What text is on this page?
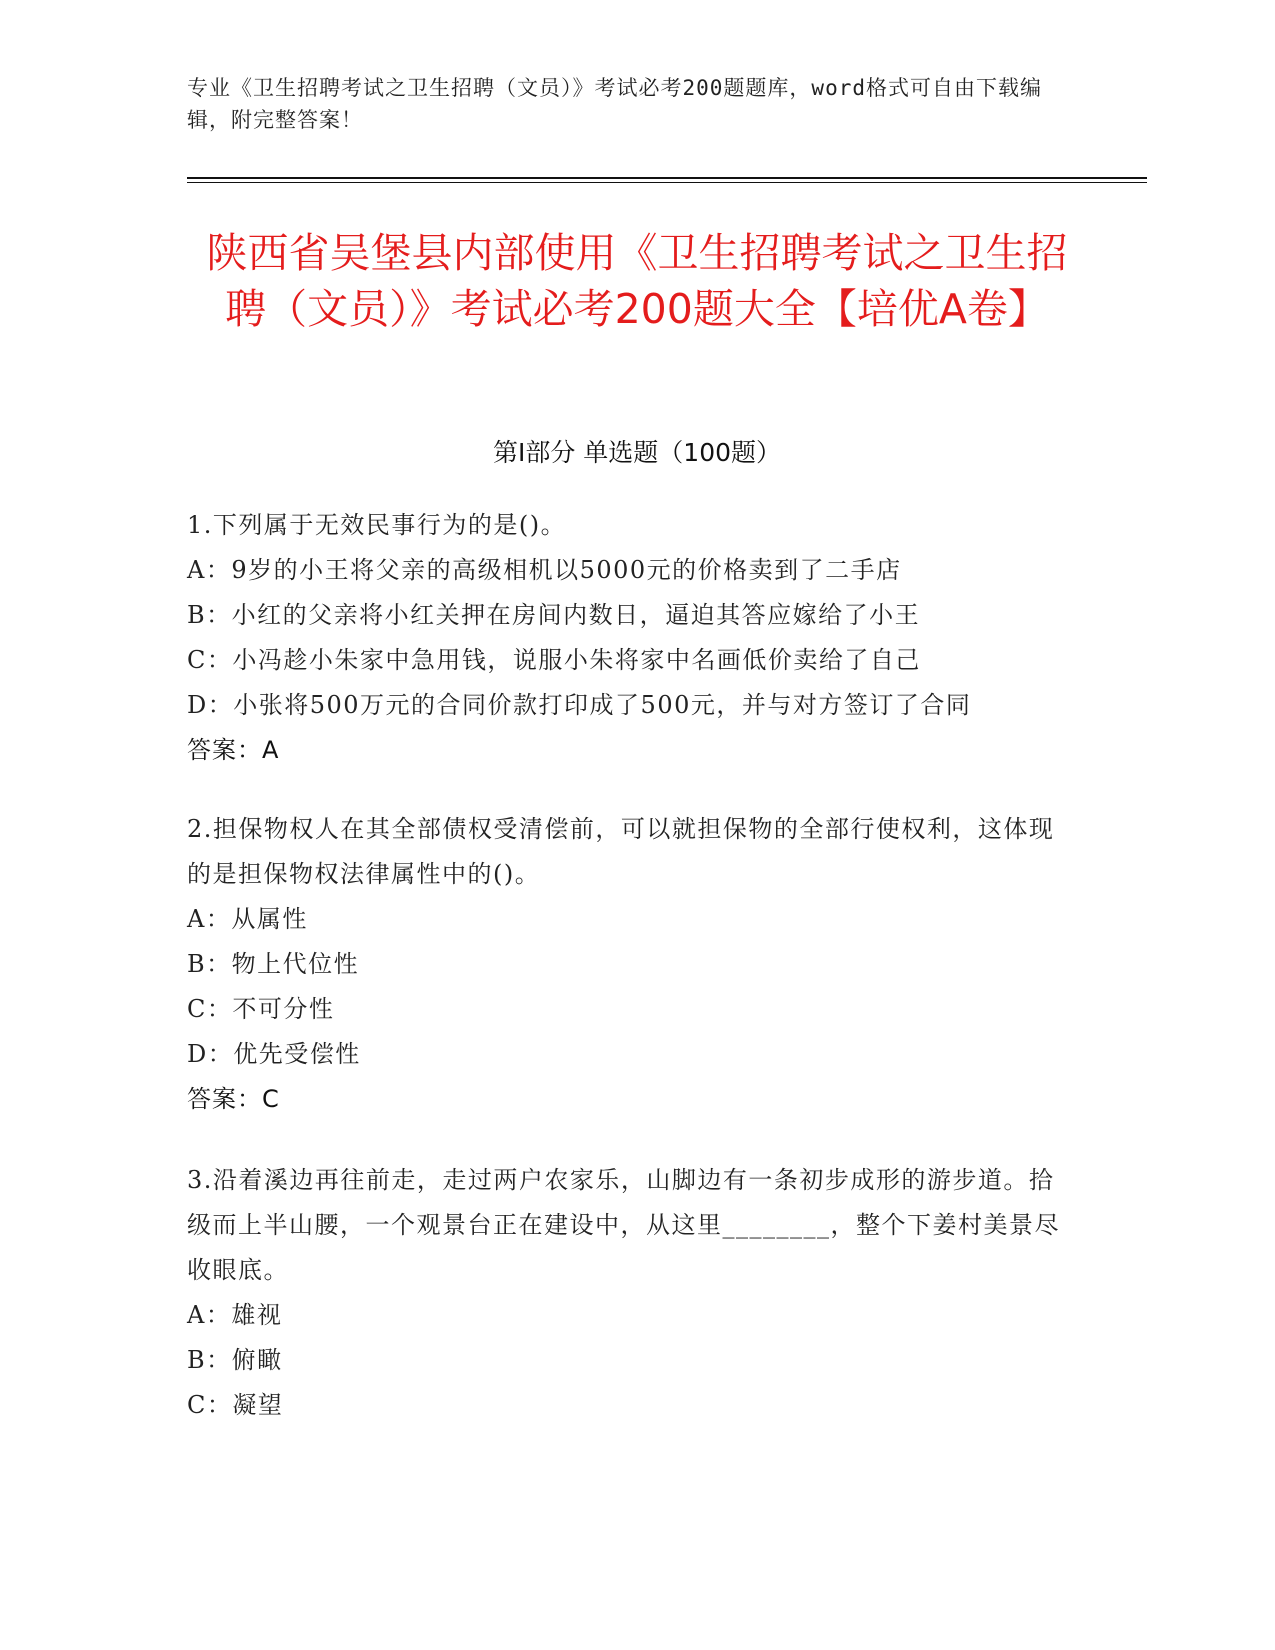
专业《卫生招聘考试之卫生招聘（文员）》考试必考200题题库，word格式可自由下载编辑，附完整答案！
陕西省吴堡县内部使用《卫生招聘考试之卫生招聘（文员）》考试必考200题大全【培优A卷】
第I部分 单选题（100题）
1.下列属于无效民事行为的是()。
A：9岁的小王将父亲的高级相机以5000元的价格卖到了二手店
B：小红的父亲将小红关押在房间内数日，逼迫其答应嫁给了小王
C：小冯趁小朱家中急用钱，说服小朱将家中名画低价卖给了自己
D：小张将500万元的合同价款打印成了500元，并与对方签订了合同
答案：A
2.担保物权人在其全部债权受清偿前，可以就担保物的全部行使权利，这体现的是担保物权法律属性中的()。
A：从属性
B：物上代位性
C：不可分性
D：优先受偿性
答案：C
3.沿着溪边再往前走，走过两户农家乐，山脚边有一条初步成形的游步道。拾级而上半山腰，一个观景台正在建设中，从这里________，整个下姜村美景尽收眼底。
A：雄视
B：俯瞰
C：凝望
